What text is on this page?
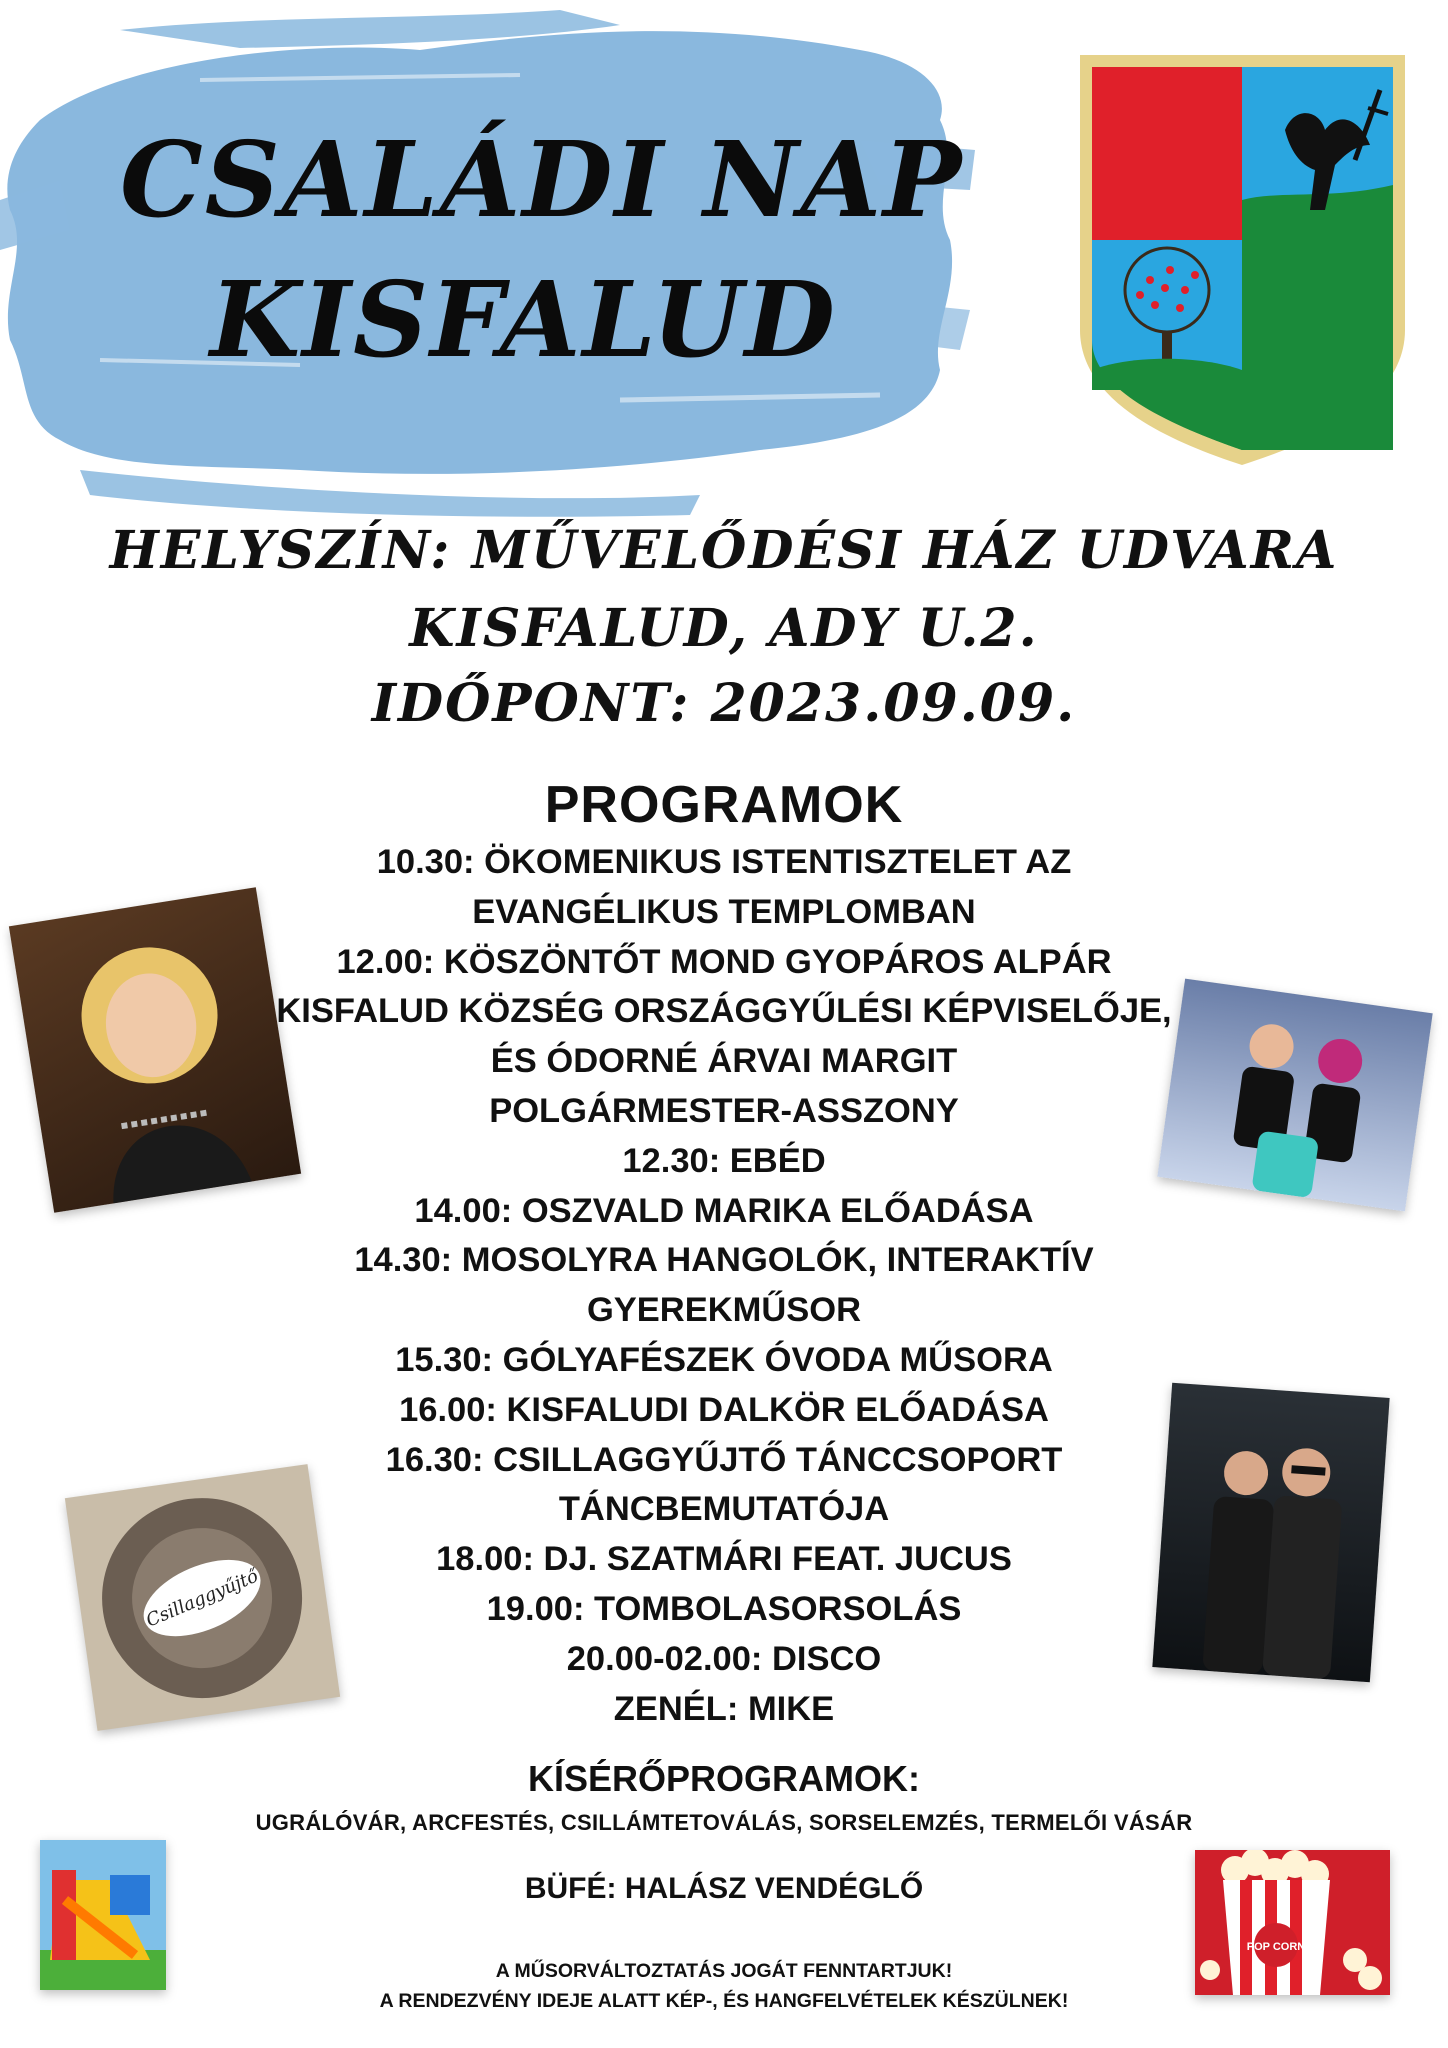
CSALÁDI NAP
KISFALUD
HELYSZÍN: MŰVELŐDÉSI HÁZ UDVARA
KISFALUD, ADY U.2.
IDŐPONT: 2023.09.09.
PROGRAMOK
10.30: ÖKOMENIKUS ISTENTISZTELET AZ
EVANGÉLIKUS TEMPLOMBAN
12.00: KÖSZÖNTŐT MOND GYOPÁROS ALPÁR
KISFALUD KÖZSÉG ORSZÁGGYŰLÉSI KÉPVISELŐJE,
ÉS ÓDORNÉ ÁRVAI MARGIT
POLGÁRMESTER-ASSZONY
12.30: EBÉD
14.00: OSZVALD MARIKA ELŐADÁSA
14.30: MOSOLYRA HANGOLÓK, INTERAKTÍV
GYEREKMŰSOR
15.30: GÓLYAFÉSZEK ÓVODA MŰSORA
16.00: KISFALUDI DALKÖR ELŐADÁSA
16.30: CSILLAGGYŰJTŐ TÁNCCSOPORT
TÁNCBEMUTATÓJA
18.00: DJ. SZATMÁRI FEAT. JUCUS
19.00: TOMBOLASORSOLÁS
20.00-02.00: DISCO
ZENÉL: MIKE
Csillaggyűjtő
POP CORN
KÍSÉRŐPROGRAMOK:
UGRÁLÓVÁR, ARCFESTÉS, CSILLÁMTETOVÁLÁS, SORSELEMZÉS, TERMELŐI VÁSÁR
BÜFÉ: HALÁSZ VENDÉGLŐ
A MŰSORVÁLTOZTATÁS JOGÁT FENNTARTJUK!
A RENDEZVÉNY IDEJE ALATT KÉP-, ÉS HANGFELVÉTELEK KÉSZÜLNEK!
